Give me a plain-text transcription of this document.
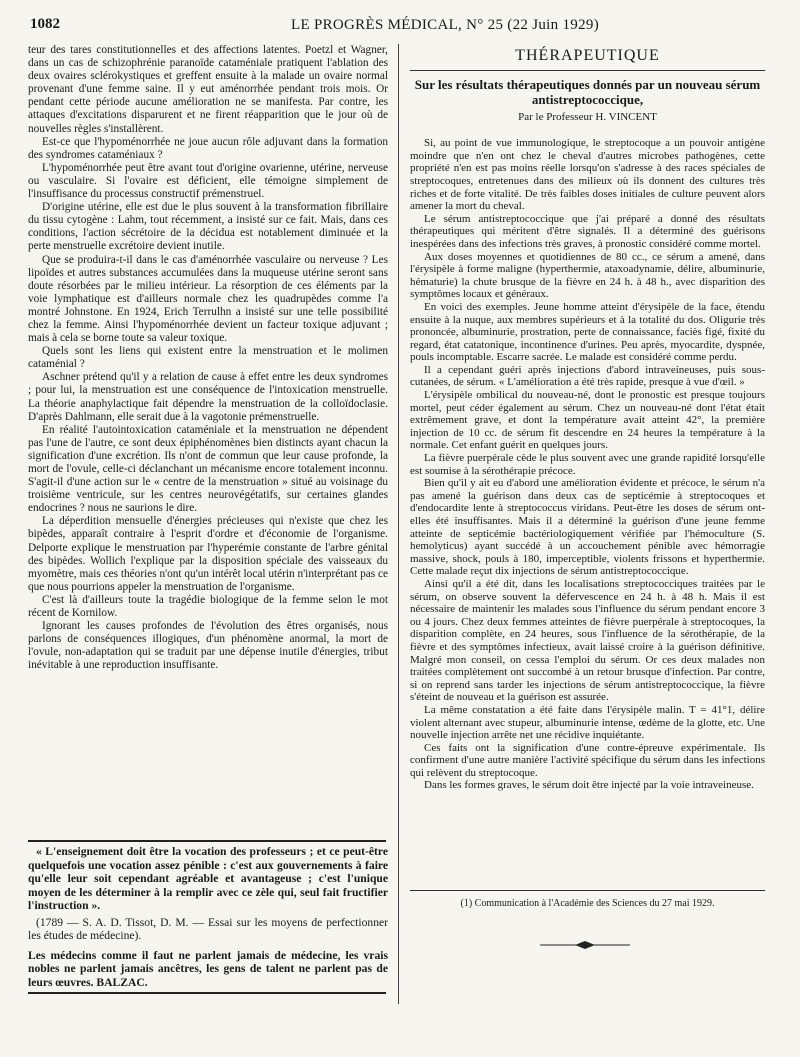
1082	LE PROGRÈS MÉDICAL, N° 25 (22 Juin 1929)

teur des tares constitutionnelles et des affections latentes. Poetzl et Wagner, dans un cas de schizophrénie paranoïde cataméniale pratiquent l'ablation des deux ovaires sclérokystiques et greffent ensuite à la malade un ovaire normal provenant d'une femme saine. Il y eut aménorrhée pendant trois mois. Or pendant cette période aucune amélioration ne se manifesta. Par contre, les attaques d'excitations disparurent et ne firent réapparition que le jour où de nouvelles règles s'installèrent.

Est-ce que l'hypoménorrhée ne joue aucun rôle adjuvant dans la formation des syndromes cataméniaux ?

L'hypoménorrhée peut être avant tout d'origine ovarienne, utérine, nerveuse ou vasculaire. Si l'ovaire est déficient, elle témoigne simplement de l'insuffisance du processus constructif prémenstruel.

D'origine utérine, elle est due le plus souvent à la transformation fibrillaire du tissu cytogène : Lahm, tout récemment, a insisté sur ce fait. Mais, dans ces conditions, l'action sécrétoire de la décidua est notablement diminuée et la perte menstruelle excrétoire devient inutile.

Que se produira-t-il dans le cas d'aménorrhée vasculaire ou nerveuse ? Les lipoïdes et autres substances accumulées dans la muqueuse utérine seront sans doute résorbées par le milieu intérieur. La résorption de ces éléments par la voie lymphatique est d'ailleurs normale chez les quadrupèdes comme l'a montré Johnstone. En 1924, Erich Terrulhn a insisté sur une telle possibilité chez la femme. Ainsi l'hypoménorrhée devient un facteur toxique adjuvant ; mais à cela se borne toute sa valeur toxique.

Quels sont les liens qui existent entre la menstruation et le molimen cataménial ?

Aschner prétend qu'il y a relation de cause à effet entre les deux syndromes ; pour lui, la menstruation est une conséquence de l'intoxication menstruelle. La théorie anaphylactique fait dépendre la menstruation de la colloïdoclasie. D'après Dahlmann, elle serait due à la vagotonie prémenstruelle.

En réalité l'autointoxication cataméniale et la menstruation ne dépendent pas l'une de l'autre, ce sont deux épiphénomènes bien distincts ayant chacun la signification d'une excrétion. Ils n'ont de commun que leur cause profonde, la mort de l'ovule, celle-ci déclanchant un mécanisme encore totalement inconnu. S'agit-il d'une action sur le « centre de la menstruation » situé au voisinage du troisième ventricule, sur les centres neurovégétatifs, sur certaines glandes endocrines ? nous ne saurions le dire.

La déperdition mensuelle d'énergies précieuses qui n'existe que chez les bipèdes, apparaît contraire à l'esprit d'ordre et d'économie de l'organisme. Delporte explique le menstruation par l'hyperémie constante de l'arbre génital des bipèdes. Wollich l'explique par la disposition spéciale des vaisseaux du myomètre, mais ces théories n'ont qu'un intérêt local utérin n'interprétant pas ce que nous pourrions appeler la menstruation de l'organisme.

C'est là d'ailleurs toute la tragédie biologique de la femme selon le mot récent de Kornilow.

Ignorant les causes profondes de l'évolution des êtres organisés, nous parlons de conséquences illogiques, d'un phénomène anormal, la mort de l'ovule, non-adaptation qui se traduit par une dépense inutile d'énergies, tribut inévitable à une reproduction insuffisante.

« L'enseignement doit être la vocation des professeurs ; et ce peut-être quelquefois une vocation assez pénible : c'est aux gouvernements à faire qu'elle leur soit cependant agréable et avantageuse ; c'est l'unique moyen de les déterminer à la remplir avec ce zèle qui, seul fait fructifier l'instruction ».

(1789 — S. A. D. Tissot, D. M. — Essai sur les moyens de perfectionner les études de médecine).

Les médecins comme il faut ne parlent jamais de médecine, les vrais nobles ne parlent jamais ancêtres, les gens de talent ne parlent pas de leurs œuvres. BALZAC.

THÉRAPEUTIQUE

Sur les résultats thérapeutiques donnés par un nouveau sérum antistreptococcique,

Par le Professeur H. VINCENT

Si, au point de vue immunologique, le streptocoque a un pouvoir antigène moindre que n'en ont chez le cheval d'autres microbes pathogènes, cette propriété n'en est pas moins réelle lorsqu'on s'adresse à des races spéciales de streptocoques, entretenues dans des milieux où ils donnent des cultures très riches et de forte vitalité. De très faibles doses initiales de culture peuvent alors amener la mort du cheval.

Le sérum antistreptococcique que j'ai préparé a donné des résultats thérapeutiques qui méritent d'être signalés. Il a déterminé des guérisons inespérées dans des infections très graves, à pronostic considéré comme mortel.

Aux doses moyennes et quotidiennes de 80 cc., ce sérum a amené, dans l'érysipèle à forme maligne (hyperthermie, ataxoadynamie, délire, albuminurie, hématurie) la chute brusque de la fièvre en 24 h. à 48 h., avec disparition des symptômes locaux et généraux.

En voici des exemples. Jeune homme atteint d'érysipèle de la face, étendu ensuite à la nuque, aux membres supérieurs et à la totalité du dos. Oligurie très prononcée, albuminurie, prostration, perte de connaissance, faciès figé, fixité du regard, état catatonique, incontinence d'urines. Peu après, myocardite, dyspnée, pouls incomptable. Escarre sacrée. Le malade est considéré comme perdu.

Il a cependant guéri après injections d'abord intraveineuses, puis sous-cutanées, de sérum. « L'amélioration a été très rapide, presque à vue d'œil. »

L'érysipèle ombilical du nouveau-né, dont le pronostic est presque toujours mortel, peut céder également au sérum. Chez un nouveau-né dont l'état était extrêmement grave, et dont la température avait atteint 42°, la première injection de 10 cc. de sérum fit descendre en 24 heures la température à la normale. Cet enfant guérit en quelques jours.

La fièvre puerpérale cède le plus souvent avec une grande rapidité lorsqu'elle est soumise à la sérothérapie précoce.

Bien qu'il y ait eu d'abord une amélioration évidente et précoce, le sérum n'a pas amené la guérison dans deux cas de septicémie à streptocoques et d'endocardite lente à streptococcus viridans. Peut-être les doses de sérum ont-elles été insuffisantes. Mais il a déterminé la guérison d'une jeune femme atteinte de septicémie bactériologiquement vérifiée par l'hémoculture (S. hemolyticus) ayant succédé à un accouchement pénible avec hémorragie massive, shock, pouls à 180, imperceptible, violents frissons et hyperthermie. Cette malade reçut dix injections de sérum antistreptococcique.

Ainsi qu'il a été dit, dans les localisations streptococciques traitées par le sérum, on observe souvent la défervescence en 24 h. à 48 h. Mais il est nécessaire de maintenir les malades sous l'influence du sérum pendant encore 3 ou 4 jours. Chez deux femmes atteintes de fièvre puerpérale à streptocoques, la disparition complète, en 24 heures, sous l'influence de la sérothérapie, de la fièvre et des symptômes infectieux, avait laissé croire à la guérison définitive. Malgré mon conseil, on cessa l'emploi du sérum. Or ces deux malades non traitées complètement ont succombé à un retour brusque d'infection. Par contre, si on reprend sans tarder les injections de sérum antistreptococcique, la fièvre s'éteint de nouveau et la guérison est assurée.

La même constatation a été faite dans l'érysipèle malin. T = 41°1, délire violent alternant avec stupeur, albuminurie intense, œdème de la glotte, etc. Une nouvelle injection arrête net une récidive inquiétante.

Ces faits ont la signification d'une contre-épreuve expérimentale. Ils confirment d'une autre manière l'activité spécifique du sérum dans les infections qui relèvent du streptocoque.

Dans les formes graves, le sérum doit être injecté par la voie intraveineuse.

(1) Communication à l'Académie des Sciences du 27 mai 1929.
